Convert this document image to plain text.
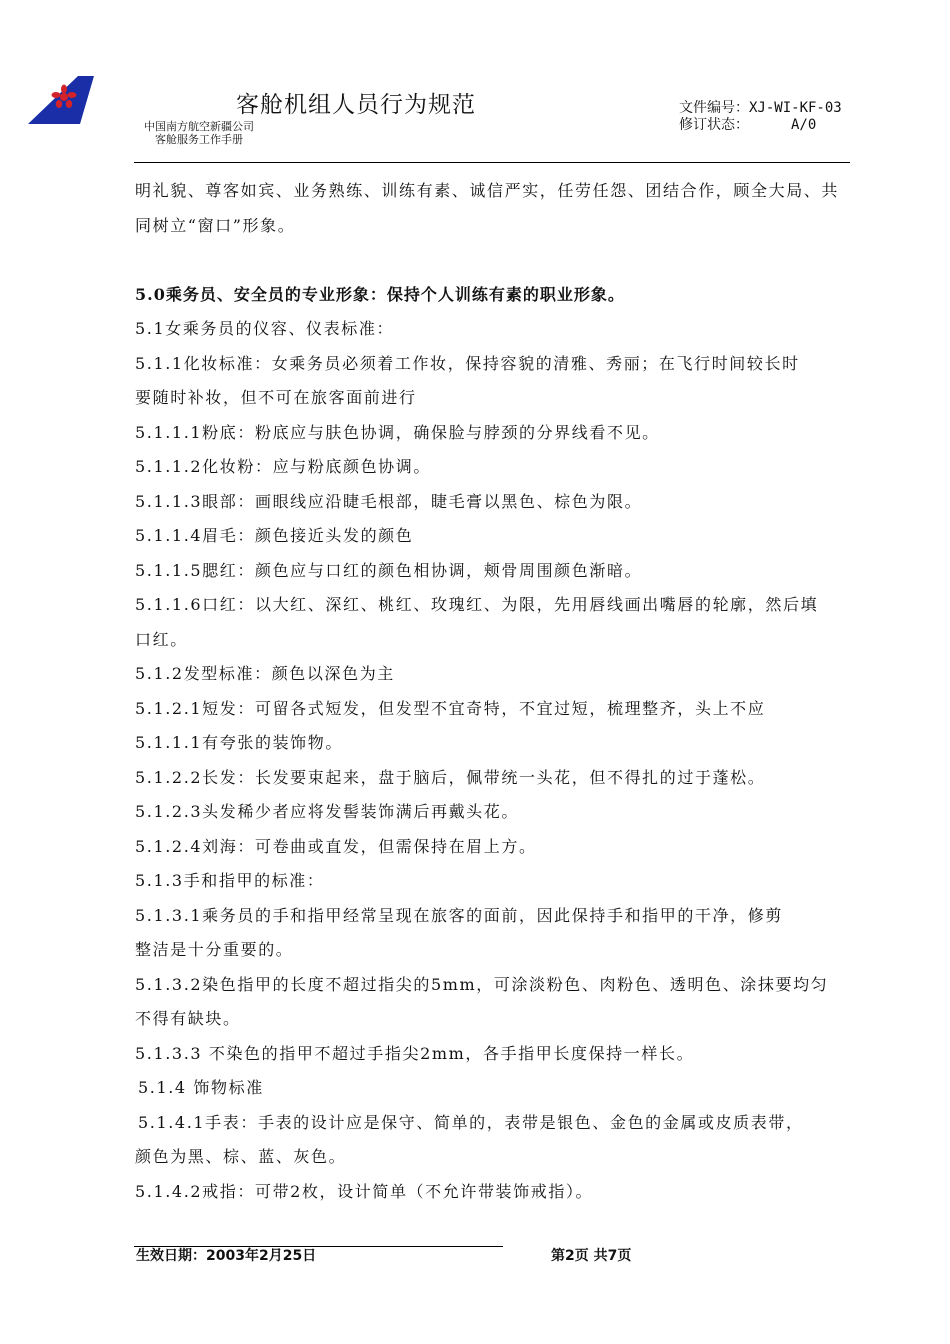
客舱机组人员行为规范
中国南方航空新疆公司
客舱服务工作手册
文件编号：XJ-WI-KF-03
修订状态：	A/0

明礼貌、尊客如宾、业务熟练、训练有素、诚信严实，任劳任怨、团结合作，顾全大局、共

同树立“窗口”形象。

5.0乘务员、安全员的专业形象：保持个人训练有素的职业形象。

5.1女乘务员的仪容、仪表标准：

5.1.1化妆标准：女乘务员必须着工作妆，保持容貌的清雅、秀丽；在飞行时间较长时

要随时补妆，但不可在旅客面前进行

5.1.1.1粉底：粉底应与肤色协调，确保脸与脖颈的分界线看不见。

5.1.1.2化妆粉：应与粉底颜色协调。

5.1.1.3眼部：画眼线应沿睫毛根部，睫毛膏以黑色、棕色为限。

5.1.1.4眉毛：颜色接近头发的颜色

5.1.1.5腮红：颜色应与口红的颜色相协调，颊骨周围颜色渐暗。

5.1.1.6口红：以大红、深红、桃红、玫瑰红、为限，先用唇线画出嘴唇的轮廓，然后填

口红。

5.1.2发型标准：颜色以深色为主

5.1.2.1短发：可留各式短发，但发型不宜奇特，不宜过短，梳理整齐，头上不应

5.1.1.1有夸张的装饰物。

5.1.2.2长发：长发要束起来，盘于脑后，佩带统一头花，但不得扎的过于蓬松。

5.1.2.3头发稀少者应将发髻装饰满后再戴头花。

5.1.2.4刘海：可卷曲或直发，但需保持在眉上方。

5.1.3手和指甲的标准：

5.1.3.1乘务员的手和指甲经常呈现在旅客的面前，因此保持手和指甲的干净，修剪

整洁是十分重要的。

5.1.3.2染色指甲的长度不超过指尖的5mm，可涂淡粉色、肉粉色、透明色、涂抹要均匀

不得有缺块。

5.1.3.3 不染色的指甲不超过手指尖2mm，各手指甲长度保持一样长。

5.1.4 饰物标准

5.1.4.1手表：手表的设计应是保守、简单的，表带是银色、金色的金属或皮质表带，

颜色为黑、棕、蓝、灰色。

5.1.4.2戒指：可带2枚，设计简单（不允许带装饰戒指）。

生效日期：2003年2月25日	第2页 共7页
